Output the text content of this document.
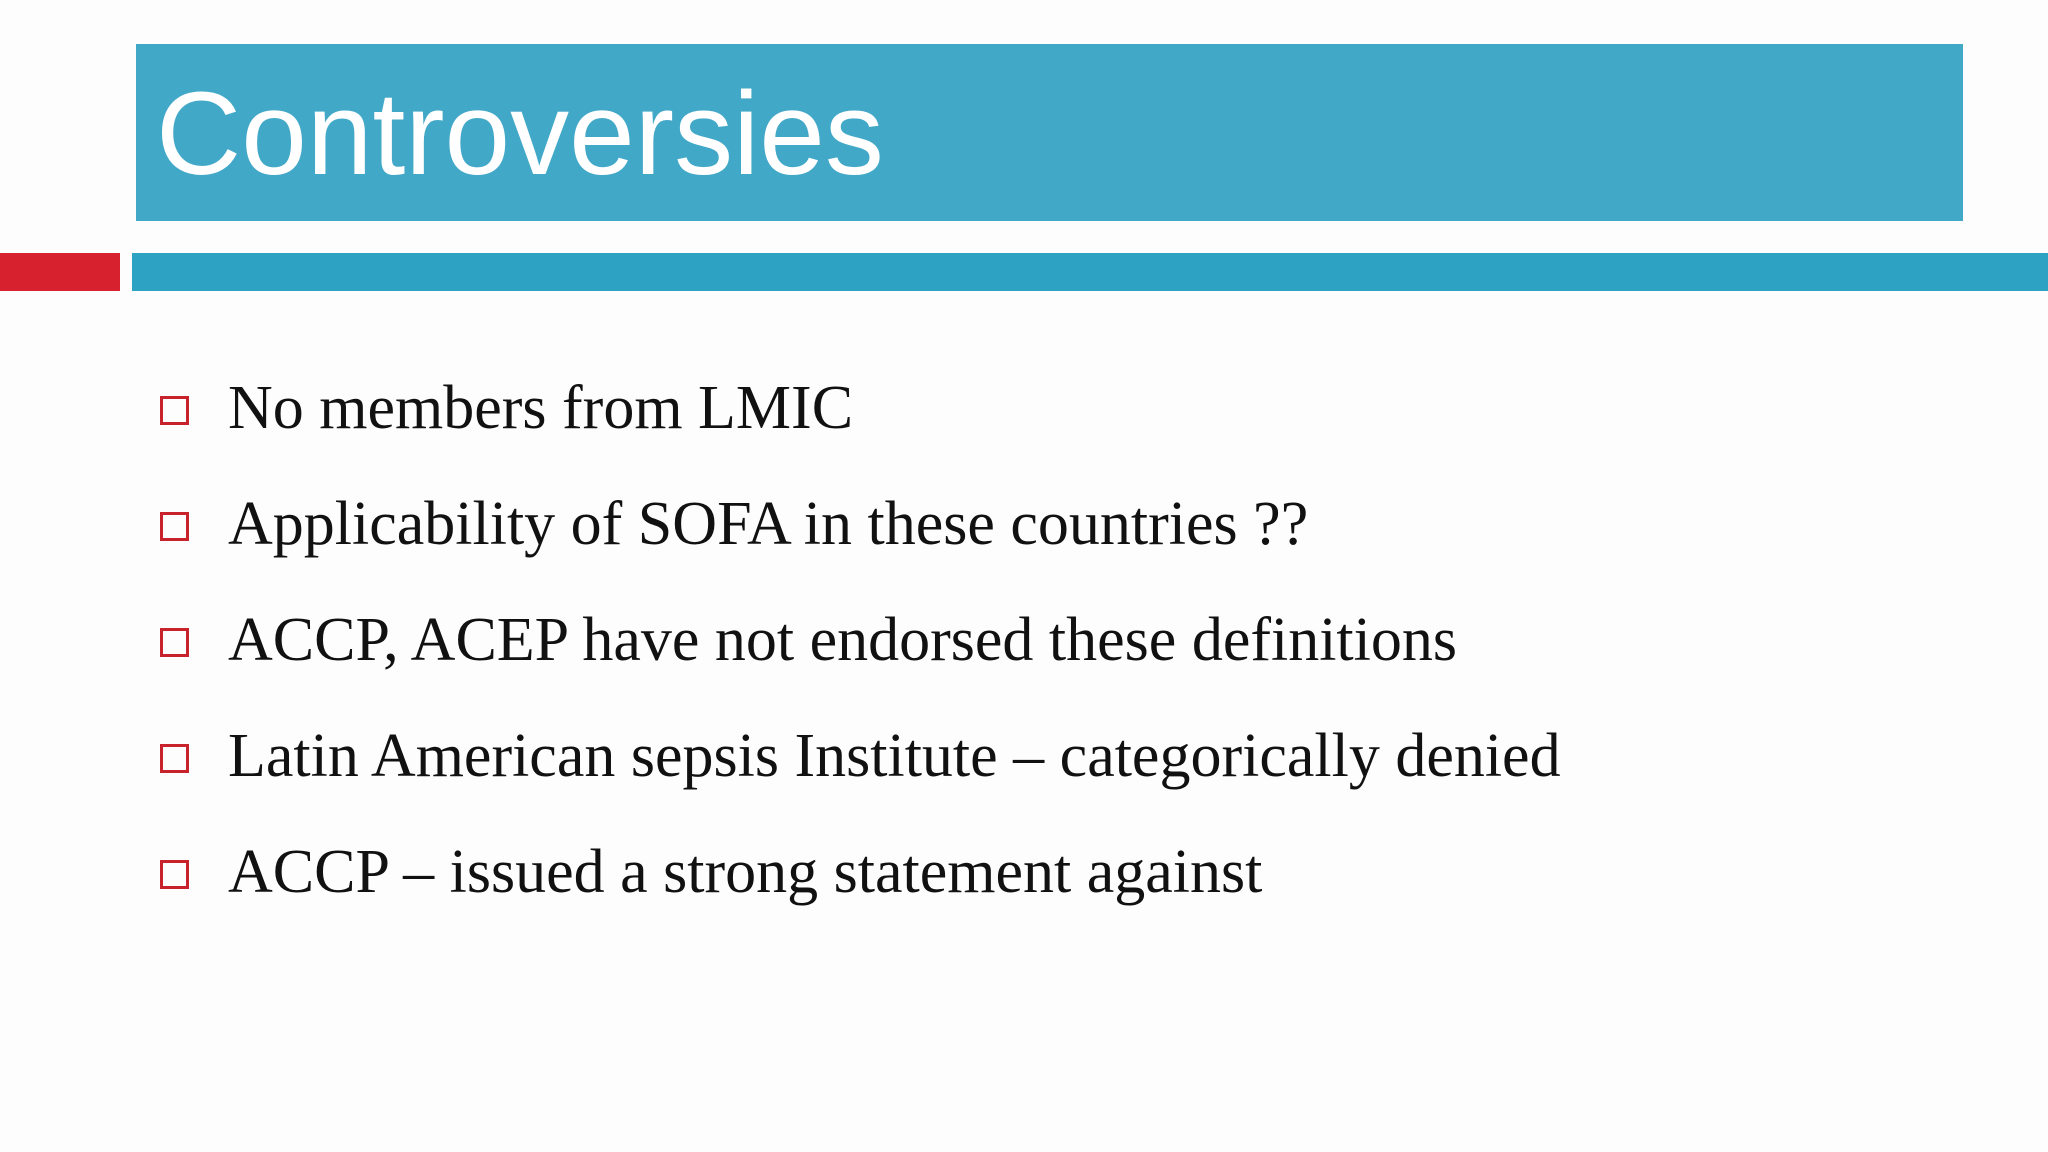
Controversies
No members from LMIC
Applicability of SOFA in these countries ??
ACCP, ACEP have not endorsed these definitions
Latin American sepsis Institute – categorically denied
ACCP – issued a strong statement against
